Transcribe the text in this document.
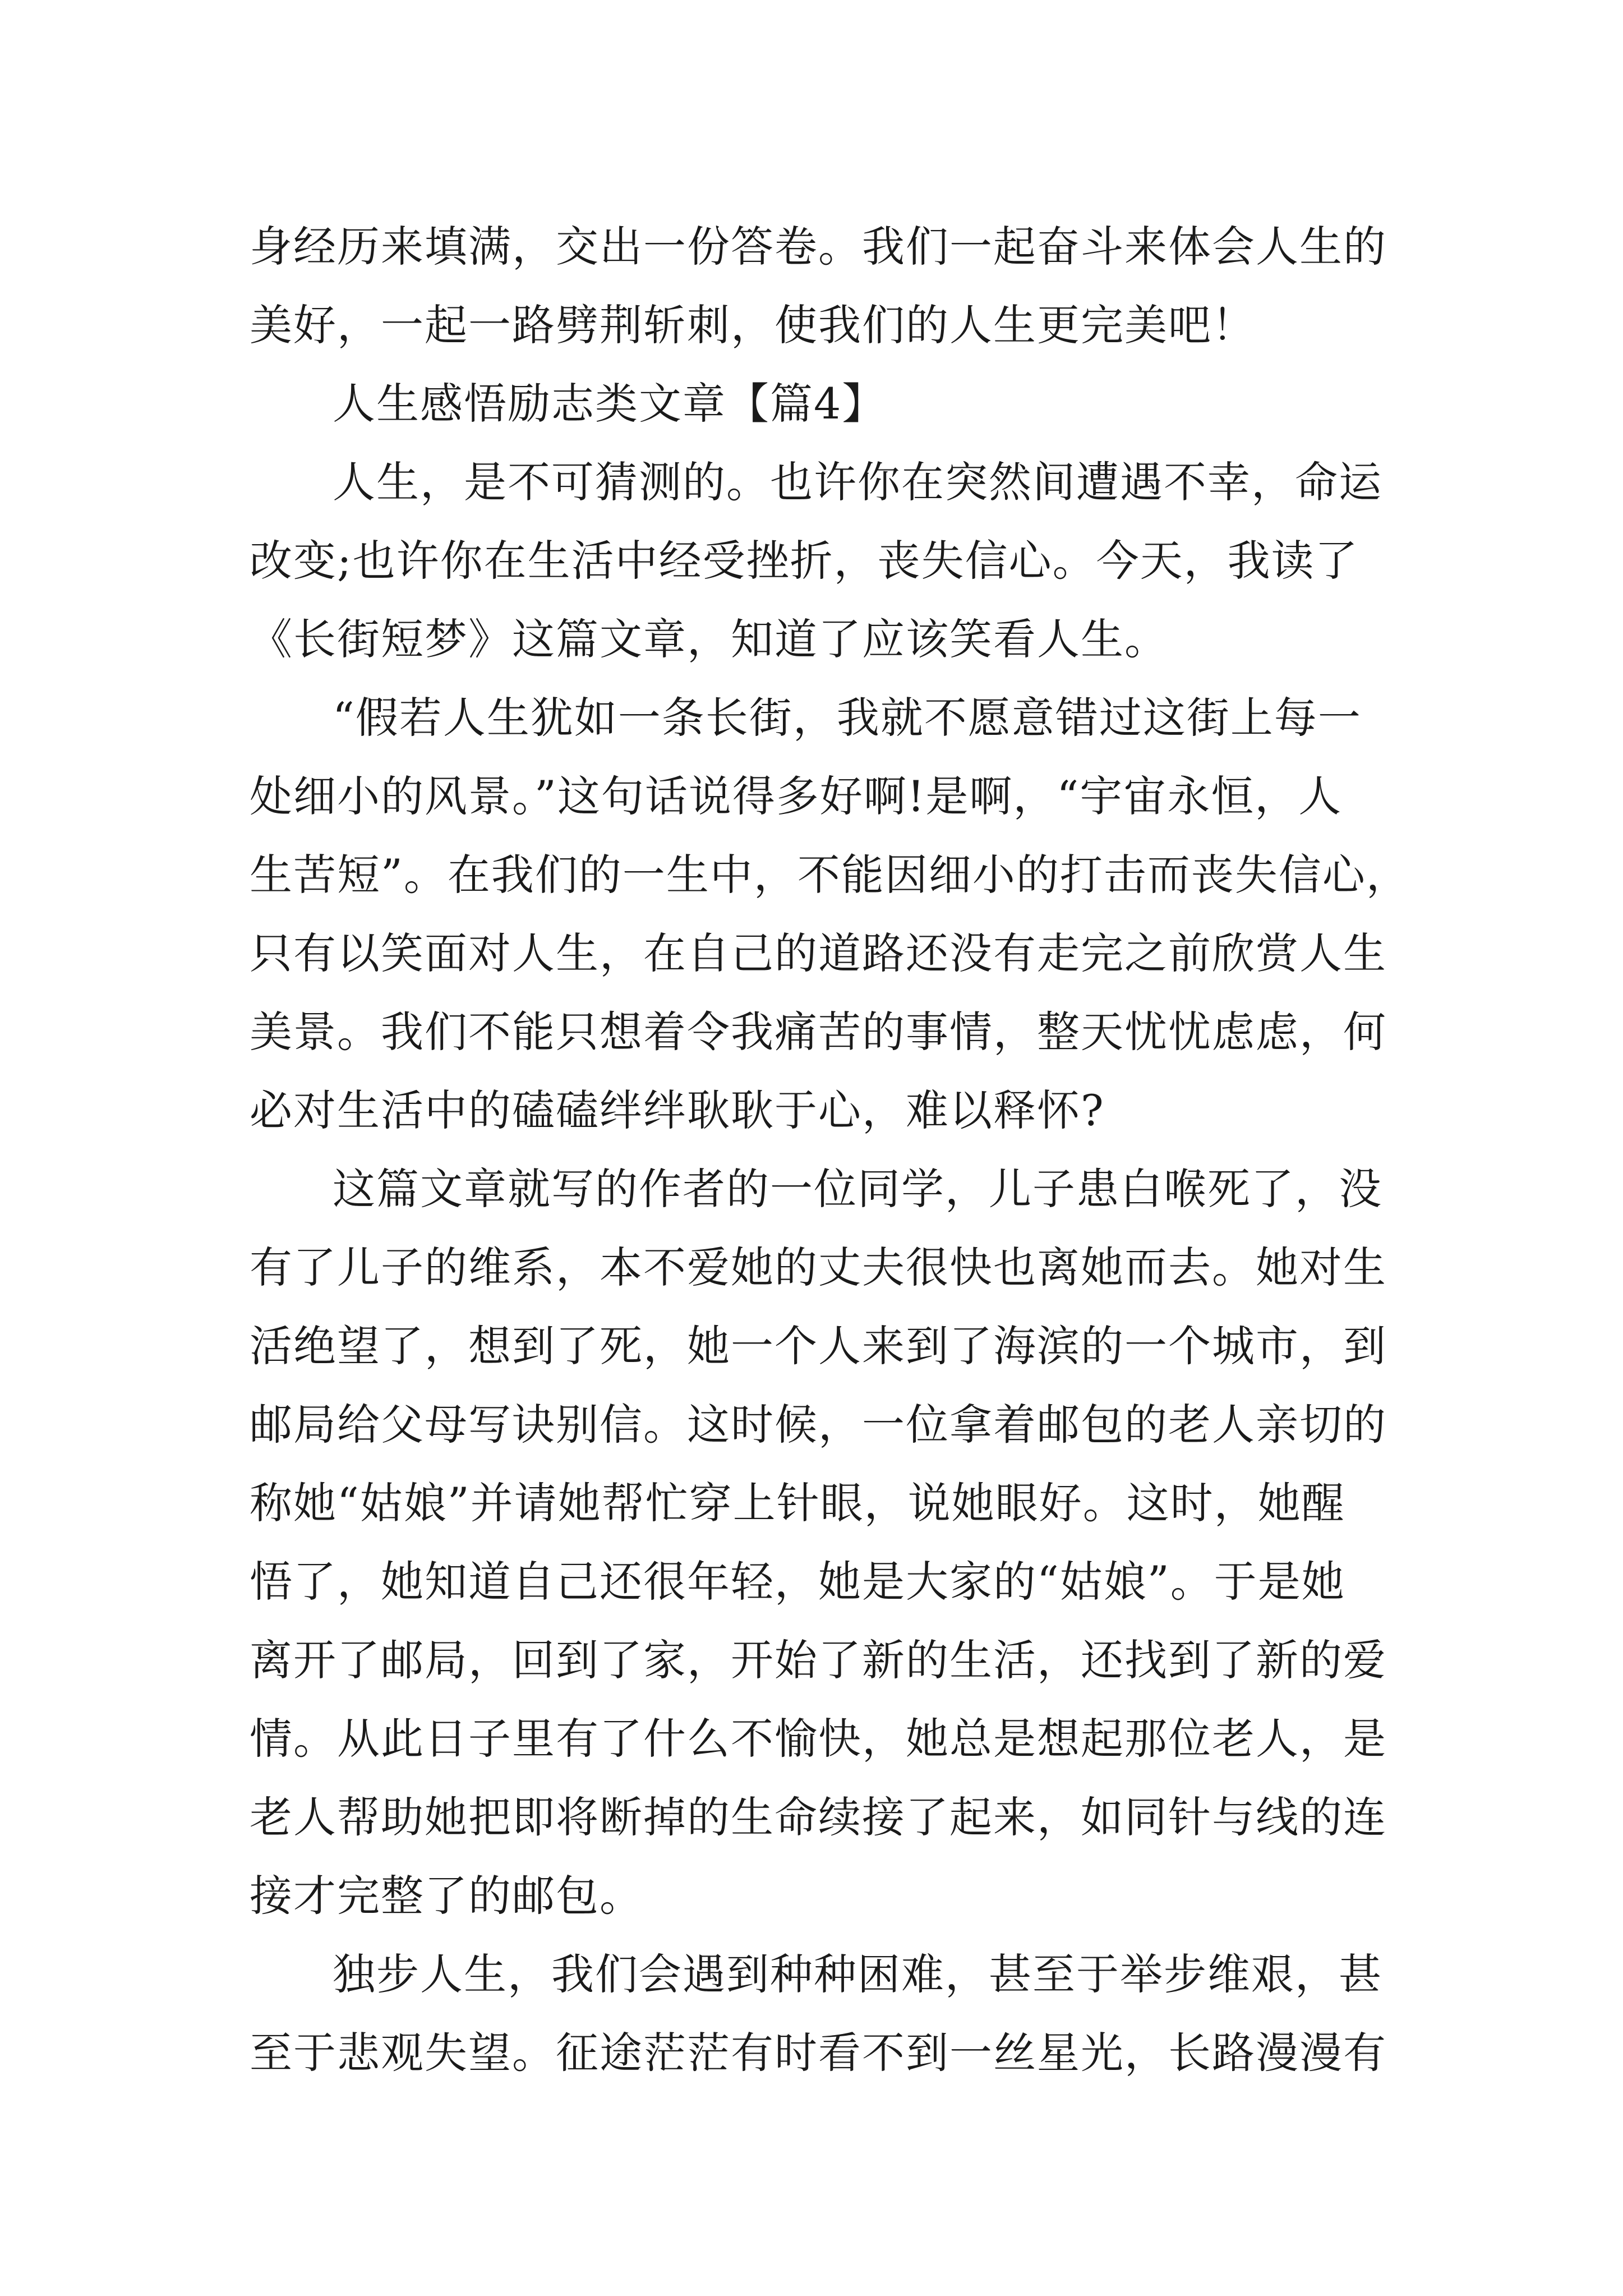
身经历来填满，交出一份答卷。我们一起奋斗来体会人生的
美好，一起一路劈荆斩刺，使我们的人生更完美吧！
人生感悟励志类文章【篇4】
人生，是不可猜测的。也许你在突然间遭遇不幸，命运
改变;也许你在生活中经受挫折，丧失信心。今天，我读了
《长街短梦》这篇文章，知道了应该笑看人生。
“假若人生犹如一条长街，我就不愿意错过这街上每一
处细小的风景。”这句话说得多好啊!是啊，“宇宙永恒，人
生苦短”。在我们的一生中，不能因细小的打击而丧失信心，
只有以笑面对人生，在自己的道路还没有走完之前欣赏人生
美景。我们不能只想着令我痛苦的事情，整天忧忧虑虑，何
必对生活中的磕磕绊绊耿耿于心，难以释怀?
这篇文章就写的作者的一位同学，儿子患白喉死了，没
有了儿子的维系，本不爱她的丈夫很快也离她而去。她对生
活绝望了，想到了死，她一个人来到了海滨的一个城市，到
邮局给父母写诀别信。这时候，一位拿着邮包的老人亲切的
称她“姑娘”并请她帮忙穿上针眼，说她眼好。这时，她醒
悟了，她知道自己还很年轻，她是大家的“姑娘”。于是她
离开了邮局，回到了家，开始了新的生活，还找到了新的爱
情。从此日子里有了什么不愉快，她总是想起那位老人，是
老人帮助她把即将断掉的生命续接了起来，如同针与线的连
接才完整了的邮包。
独步人生，我们会遇到种种困难，甚至于举步维艰，甚
至于悲观失望。征途茫茫有时看不到一丝星光，长路漫漫有
